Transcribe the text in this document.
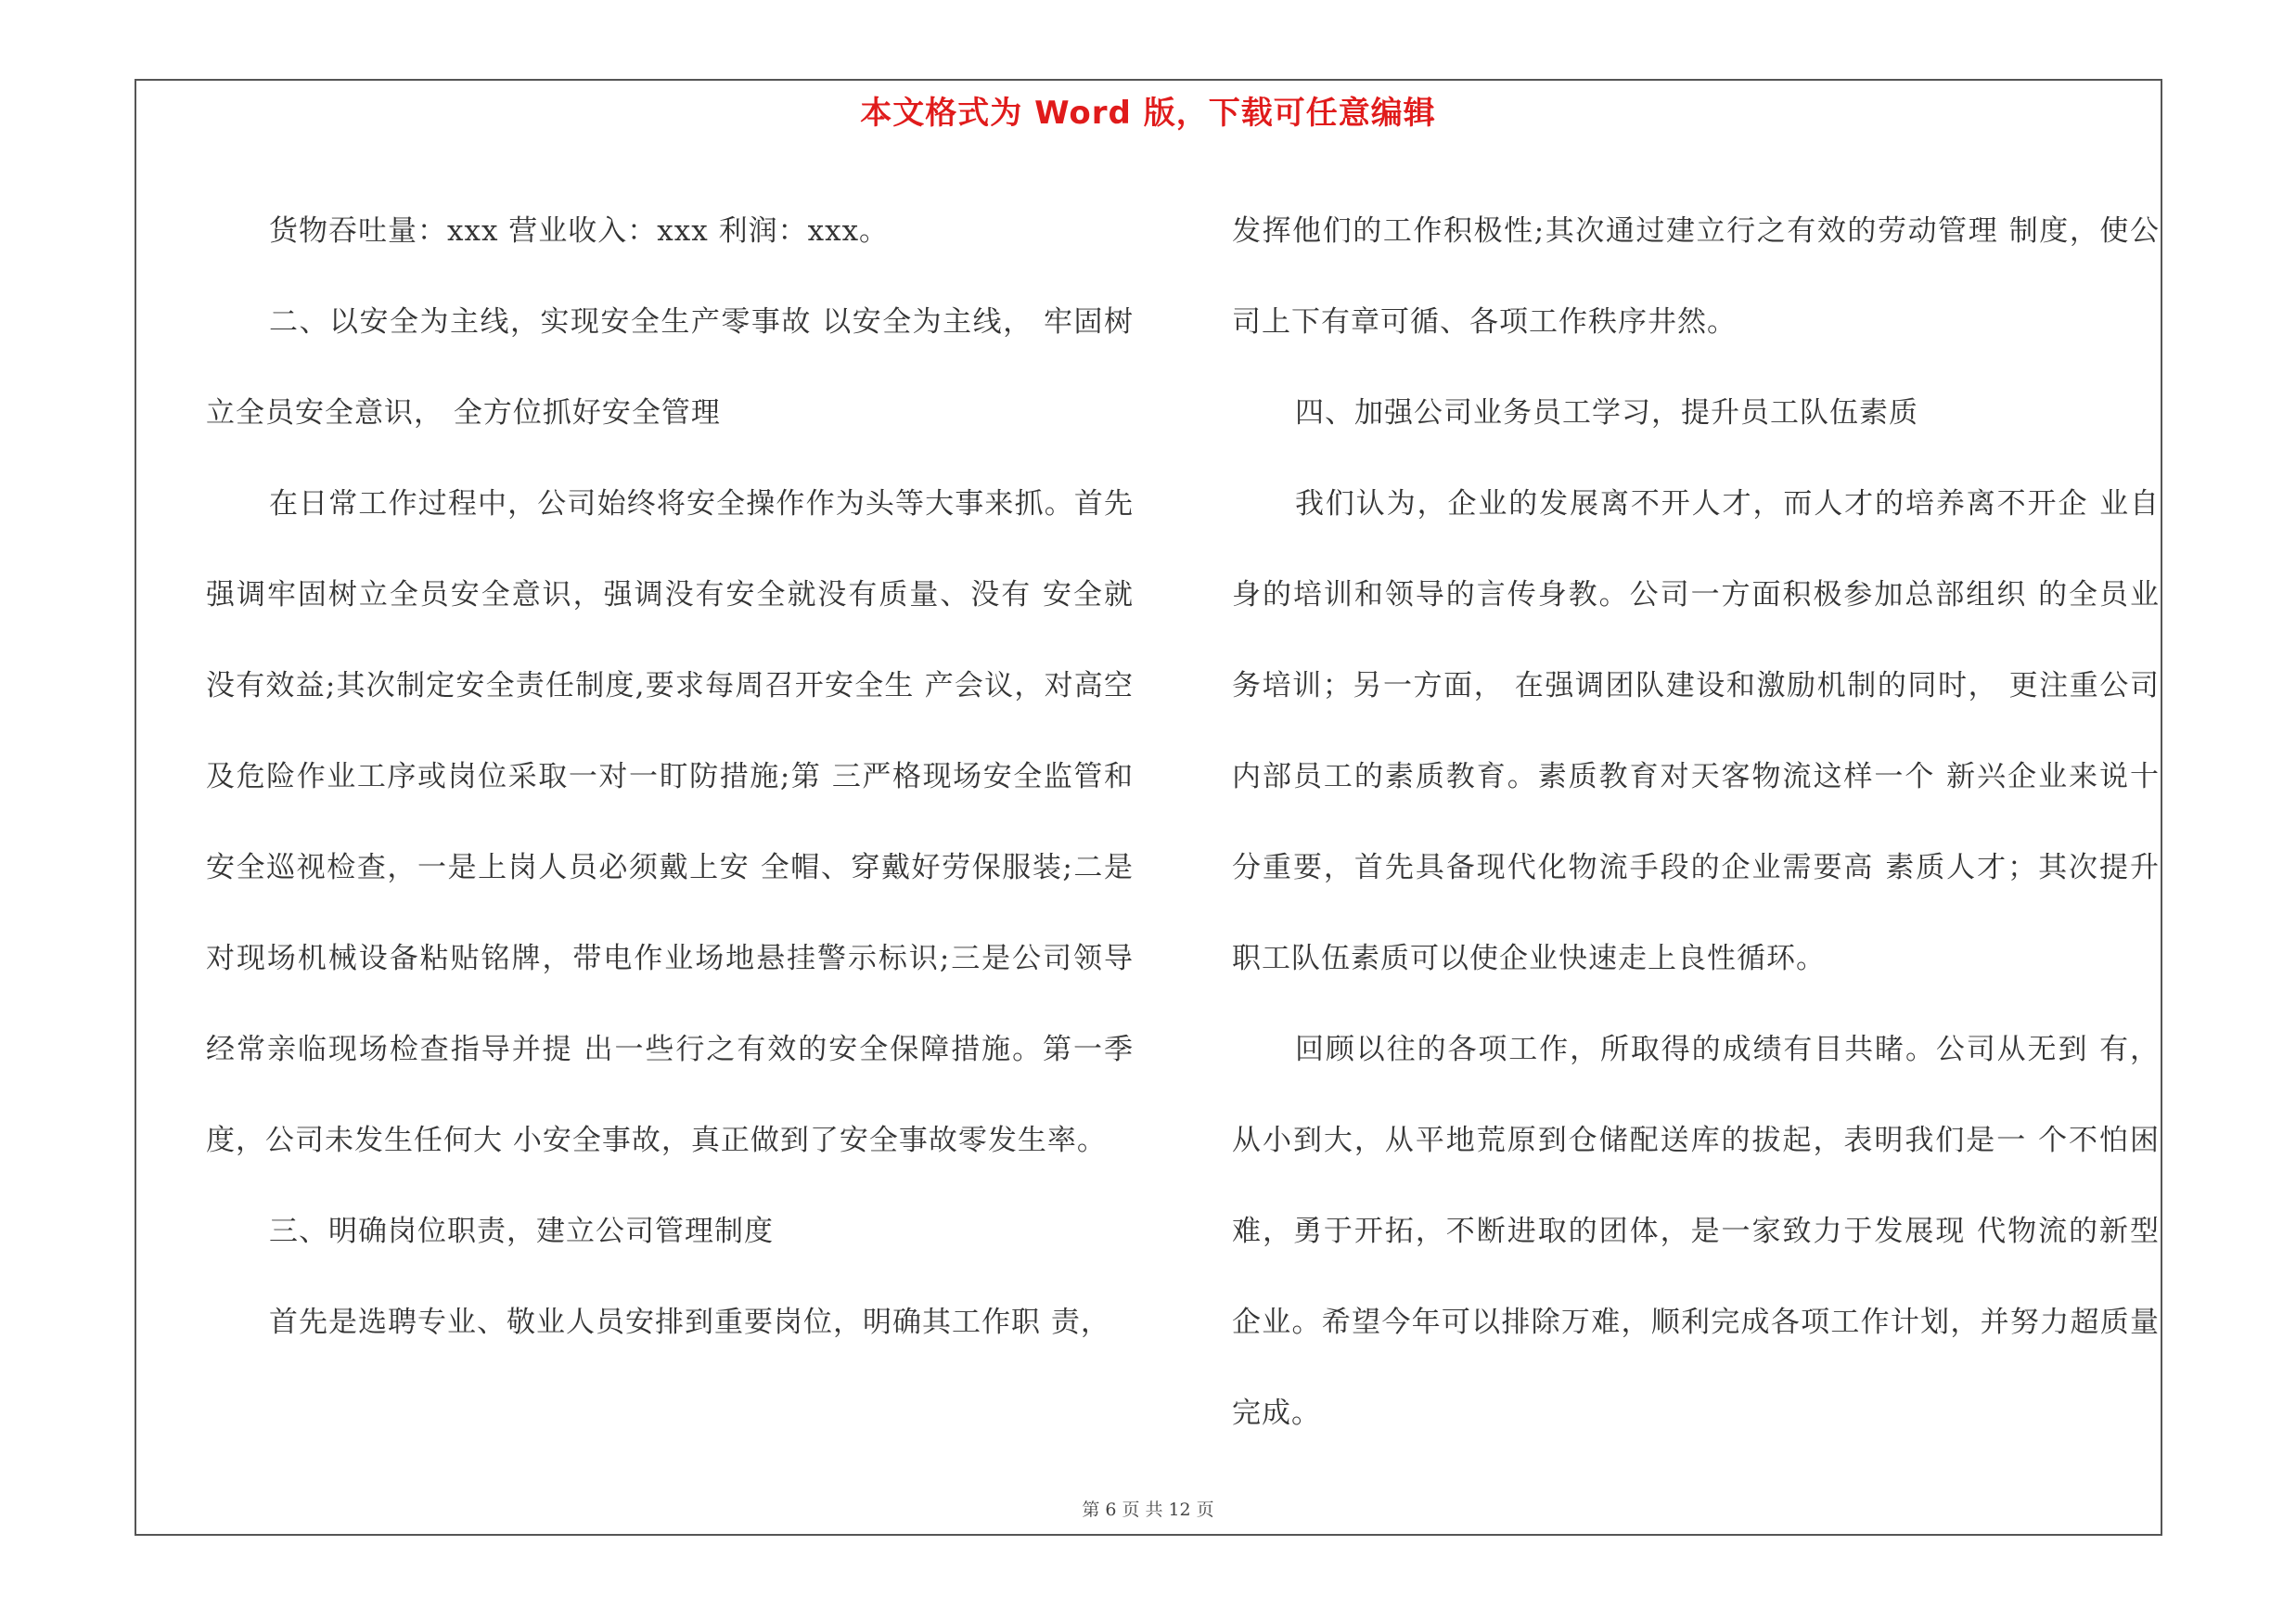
本文格式为 Word 版，下载可任意编辑

货物吞吐量：xxx 营业收入：xxx 利润：xxx。

二、以安全为主线，实现安全生产零事故 以安全为主线， 牢固树立全员安全意识， 全方位抓好安全管理

在日常工作过程中，公司始终将安全操作作为头等大事来抓。首先强调牢固树立全员安全意识，强调没有安全就没有质量、没有 安全就没有效益;其次制定安全责任制度,要求每周召开安全生 产会议，对高空及危险作业工序或岗位采取一对一盯防措施;第 三严格现场安全监管和安全巡视检查，一是上岗人员必须戴上安 全帽、穿戴好劳保服装;二是对现场机械设备粘贴铭牌，带电作业场地悬挂警示标识;三是公司领导经常亲临现场检查指导并提 出一些行之有效的安全保障措施。第一季度，公司未发生任何大 小安全事故，真正做到了安全事故零发生率。

三、明确岗位职责，建立公司管理制度

首先是选聘专业、敬业人员安排到重要岗位，明确其工作职 责，

发挥他们的工作积极性;其次通过建立行之有效的劳动管理 制度，使公司上下有章可循、各项工作秩序井然。

四、加强公司业务员工学习，提升员工队伍素质

我们认为，企业的发展离不开人才，而人才的培养离不开企 业自身的培训和领导的言传身教。公司一方面积极参加总部组织 的全员业务培训；另一方面， 在强调团队建设和激励机制的同时， 更注重公司内部员工的素质教育。素质教育对天客物流这样一个 新兴企业来说十分重要，首先具备现代化物流手段的企业需要高 素质人才；其次提升职工队伍素质可以使企业快速走上良性循环。

回顾以往的各项工作，所取得的成绩有目共睹。公司从无到 有，从小到大，从平地荒原到仓储配送库的拔起，表明我们是一 个不怕困难，勇于开拓，不断进取的团体，是一家致力于发展现 代物流的新型企业。希望今年可以排除万难，顺利完成各项工作计划，并努力超质量完成。

第 6 页 共 12 页
